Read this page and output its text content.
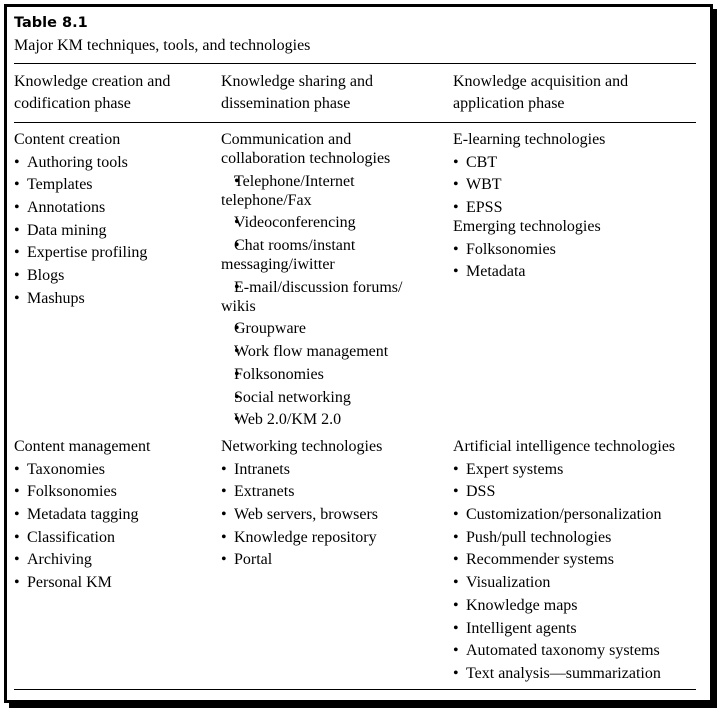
Table 8.1
Major KM techniques, tools, and technologies
Knowledge creation and
codification phase
Knowledge sharing and
dissemination phase
Knowledge acquisition and
application phase
Content creation
• Authoring tools
• Templates
• Annotations
• Data mining
• Expertise profiling
• Blogs
• Mashups
Communication and
collaboration technologies
• Telephone/Internet
telephone/Fax
• Videoconferencing
• Chat rooms/instant
messaging/iwitter
• E-mail/discussion forums/
wikis
• Groupware
• Work flow management
• Folksonomies
• Social networking
• Web 2.0/KM 2.0
E-learning technologies
• CBT
• WBT
• EPSS
Emerging technologies
• Folksonomies
• Metadata
Content management
• Taxonomies
• Folksonomies
• Metadata tagging
• Classification
• Archiving
• Personal KM
Networking technologies
• Intranets
• Extranets
• Web servers, browsers
• Knowledge repository
• Portal
Artificial intelligence technologies
• Expert systems
• DSS
• Customization/personalization
• Push/pull technologies
• Recommender systems
• Visualization
• Knowledge maps
• Intelligent agents
• Automated taxonomy systems
• Text analysis—summarization
